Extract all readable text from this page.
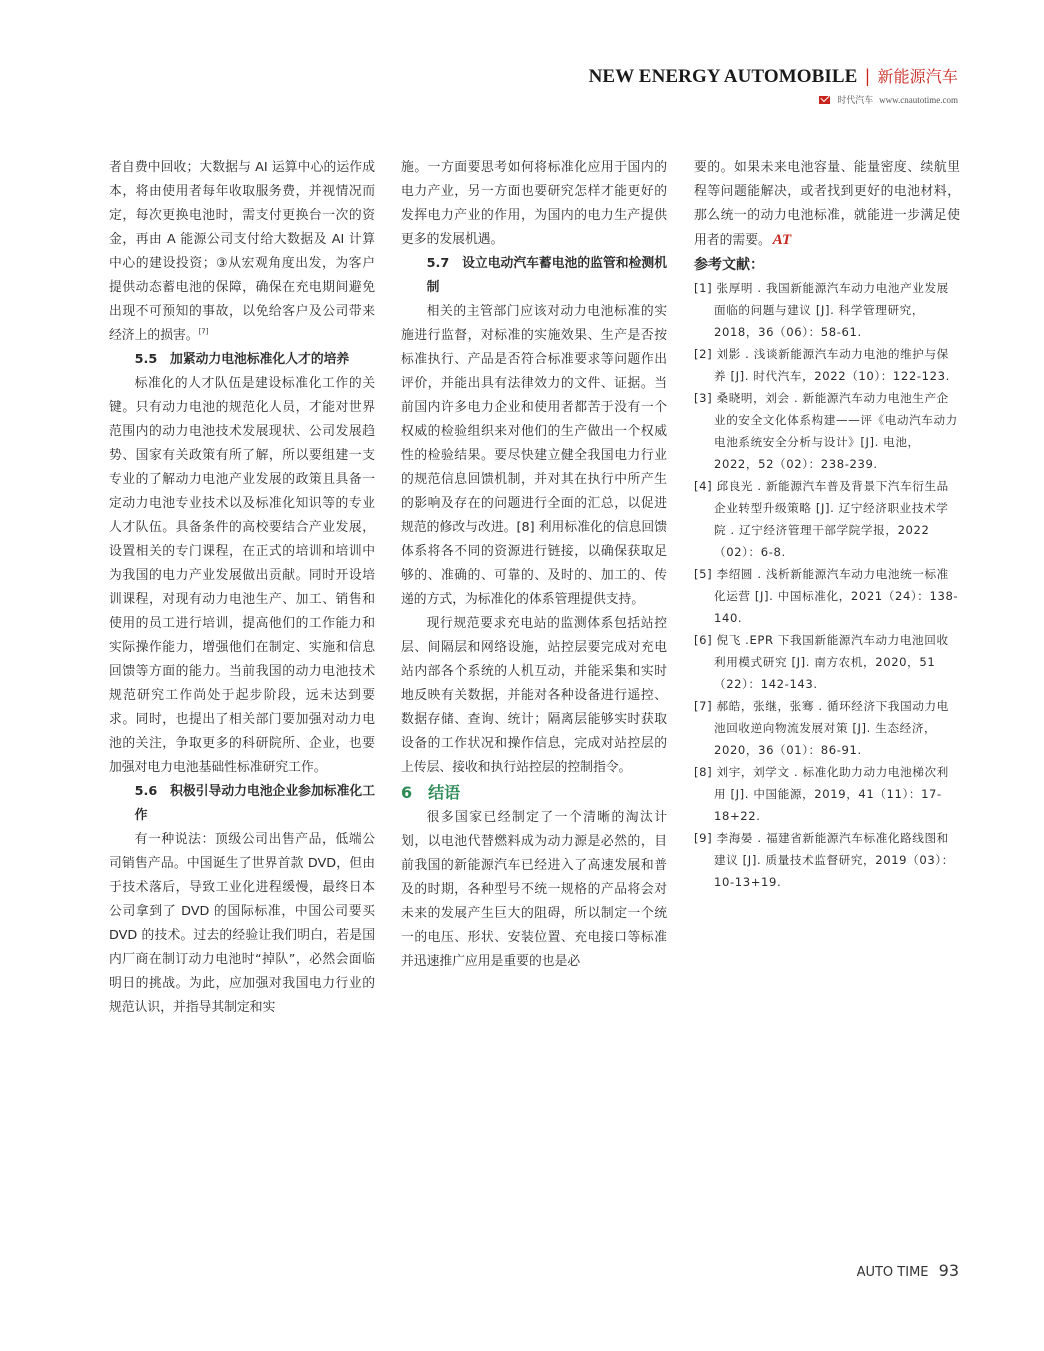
NEW ENERGY AUTOMOBILE | 新能源汽车
时代汽车 www.cnautotime.com

者自费中回收；大数据与 AI 运算中心的运作成本，将由使用者每年收取服务费，并视情况而定，每次更换电池时，需支付更换台一次的资金，再由 A 能源公司支付给大数据及 AI 计算中心的建设投资；③从宏观角度出发，为客户提供动态蓄电池的保障，确保在充电期间避免出现不可预知的事故，以免给客户及公司带来经济上的损害。[7]

5.5　加紧动力电池标准化人才的培养

标准化的人才队伍是建设标准化工作的关键。只有动力电池的规范化人员，才能对世界范围内的动力电池技术发展现状、公司发展趋势、国家有关政策有所了解，所以要组建一支专业的了解动力电池产业发展的政策且具备一定动力电池专业技术以及标准化知识等的专业人才队伍。具备条件的高校要结合产业发展，设置相关的专门课程，在正式的培训和培训中为我国的电力产业发展做出贡献。同时开设培训课程，对现有动力电池生产、加工、销售和使用的员工进行培训，提高他们的工作能力和实际操作能力，增强他们在制定、实施和信息回馈等方面的能力。当前我国的动力电池技术规范研究工作尚处于起步阶段，远未达到要求。同时，也提出了相关部门要加强对动力电池的关注，争取更多的科研院所、企业，也要加强对电力电池基础性标准研究工作。

5.6　积极引导动力电池企业参加标准化工作

有一种说法：顶级公司出售产品，低端公司销售产品。中国诞生了世界首款 DVD，但由于技术落后，导致工业化进程缓慢，最终日本公司拿到了 DVD 的国际标准，中国公司要买 DVD 的技术。过去的经验让我们明白，若是国内厂商在制订动力电池时“掉队”，必然会面临明日的挑战。为此，应加强对我国电力行业的规范认识，并指导其制定和实

施。一方面要思考如何将标准化应用于国内的电力产业，另一方面也要研究怎样才能更好的发挥电力产业的作用，为国内的电力生产提供更多的发展机遇。

5.7　设立电动汽车蓄电池的监管和检测机制

相关的主管部门应该对动力电池标准的实施进行监督，对标准的实施效果、生产是否按标准执行、产品是否符合标准要求等问题作出评价，并能出具有法律效力的文件、证据。当前国内许多电力企业和使用者都苦于没有一个权威的检验组织来对他们的生产做出一个权威性的检验结果。要尽快建立健全我国电力行业的规范信息回馈机制，并对其在执行中所产生的影响及存在的问题进行全面的汇总，以促进规范的修改与改进。[8] 利用标准化的信息回馈体系将各不同的资源进行链接，以确保获取足够的、准确的、可靠的、及时的、加工的、传递的方式，为标准化的体系管理提供支持。

现行规范要求充电站的监测体系包括站控层、间隔层和网络设施，站控层要完成对充电站内部各个系统的人机互动，并能采集和实时地反映有关数据，并能对各种设备进行遥控、数据存储、查询、统计；隔离层能够实时获取设备的工作状况和操作信息，完成对站控层的上传层、接收和执行站控层的控制指令。

6　结语

很多国家已经制定了一个清晰的淘汰计划，以电池代替燃料成为动力源是必然的，目前我国的新能源汽车已经进入了高速发展和普及的时期，各种型号不统一规格的产品将会对未来的发展产生巨大的阻碍，所以制定一个统一的电压、形状、安装位置、充电接口等标准并迅速推广应用是重要的也是必

要的。如果未来电池容量、能量密度、续航里程等问题能解决，或者找到更好的电池材料，那么统一的动力电池标准，就能进一步满足使用者的需要。 AT

参考文献：

[1] 张厚明 . 我国新能源汽车动力电池产业发展面临的问题与建议 [J]. 科学管理研究，2018，36（06）：58-61.

[2] 刘影 . 浅谈新能源汽车动力电池的维护与保养 [J]. 时代汽车，2022（10）：122-123.

[3] 桑晓明，刘会 . 新能源汽车动力电池生产企业的安全文化体系构建——评《电动汽车动力电池系统安全分析与设计》[J]. 电池，2022，52（02）：238-239.

[4] 邱良光 . 新能源汽车普及背景下汽车衍生品企业转型升级策略 [J]. 辽宁经济职业技术学院 . 辽宁经济管理干部学院学报，2022（02）：6-8.

[5] 李绍圆 . 浅析新能源汽车动力电池统一标准化运营 [J]. 中国标准化，2021（24）：138-140.

[6] 倪飞 .EPR 下我国新能源汽车动力电池回收利用模式研究 [J]. 南方农机，2020，51（22）：142-143.

[7] 郝皓，张继，张骞 . 循环经济下我国动力电池回收逆向物流发展对策 [J]. 生态经济，2020，36（01）：86-91.

[8] 刘宇，刘学文 . 标准化助力动力电池梯次利用 [J]. 中国能源，2019，41（11）：17-18+22.

[9] 李海晏 . 福建省新能源汽车标准化路线图和建议 [J]. 质量技术监督研究，2019（03）：10-13+19.

AUTO TIME 93
